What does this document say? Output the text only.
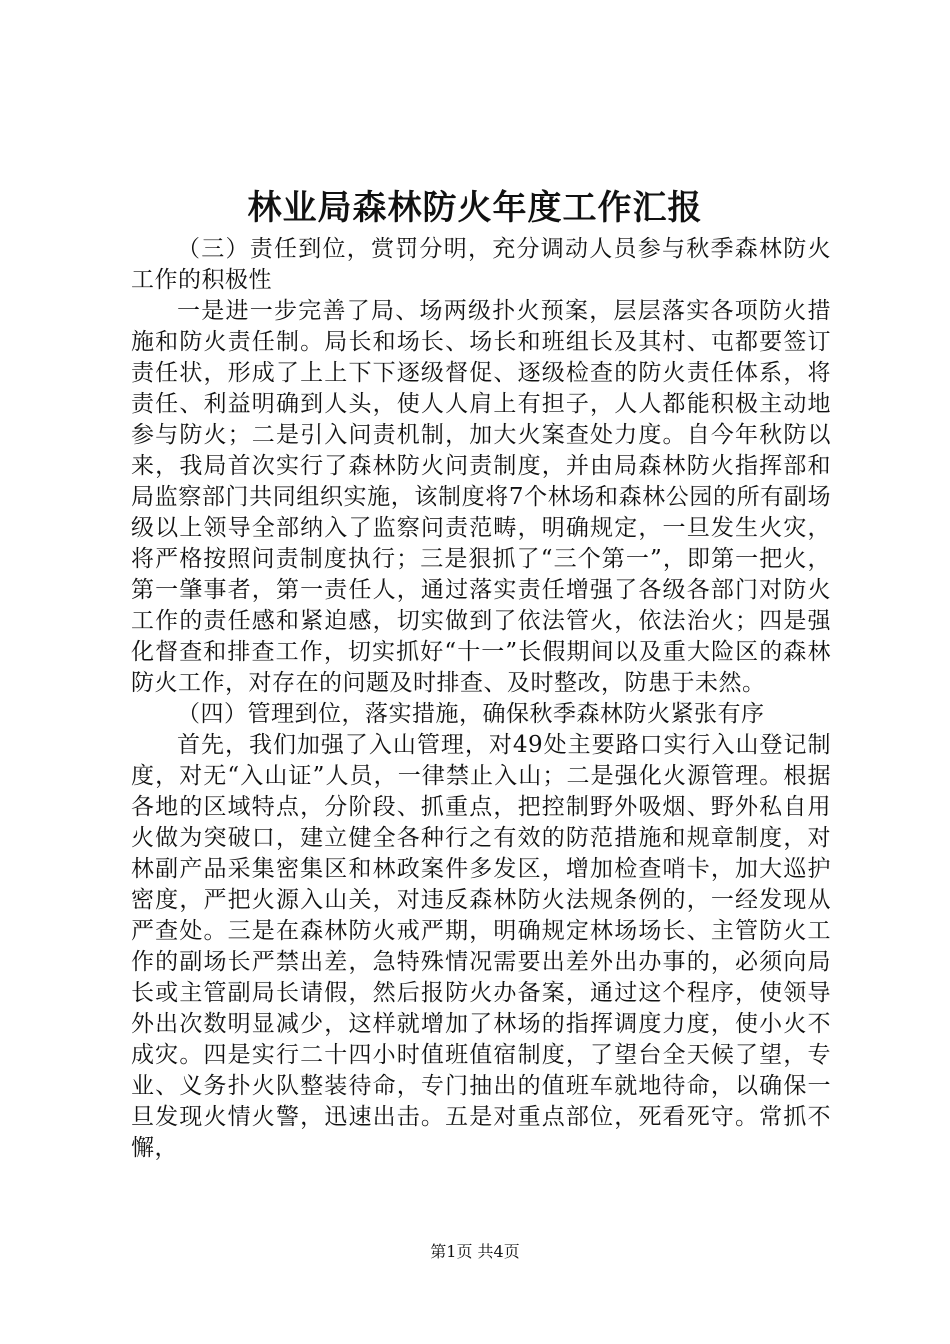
林业局森林防火年度工作汇报

（三）责任到位，赏罚分明，充分调动人员参与秋季森林防火工作的积极性

一是进一步完善了局、场两级扑火预案，层层落实各项防火措施和防火责任制。局长和场长、场长和班组长及其村、屯都要签订责任状，形成了上上下下逐级督促、逐级检查的防火责任体系，将责任、利益明确到人头，使人人肩上有担子，人人都能积极主动地参与防火；二是引入问责机制，加大火案查处力度。自今年秋防以来，我局首次实行了森林防火问责制度，并由局森林防火指挥部和局监察部门共同组织实施，该制度将7个林场和森林公园的所有副场级以上领导全部纳入了监察问责范畴，明确规定，一旦发生火灾，将严格按照问责制度执行；三是狠抓了“三个第一”，即第一把火，第一肇事者，第一责任人，通过落实责任增强了各级各部门对防火工作的责任感和紧迫感，切实做到了依法管火，依法治火；四是强化督查和排查工作，切实抓好“十一”长假期间以及重大险区的森林防火工作，对存在的问题及时排查、及时整改，防患于未然。

（四）管理到位，落实措施，确保秋季森林防火紧张有序

首先，我们加强了入山管理，对49处主要路口实行入山登记制度，对无“入山证”人员，一律禁止入山；二是强化火源管理。根据各地的区域特点，分阶段、抓重点，把控制野外吸烟、野外私自用火做为突破口，建立健全各种行之有效的防范措施和规章制度，对林副产品采集密集区和林政案件多发区，增加检查哨卡，加大巡护密度，严把火源入山关，对违反森林防火法规条例的，一经发现从严查处。三是在森林防火戒严期，明确规定林场场长、主管防火工作的副场长严禁出差，急特殊情况需要出差外出办事的，必须向局长或主管副局长请假，然后报防火办备案，通过这个程序，使领导外出次数明显减少，这样就增加了林场的指挥调度力度，使小火不成灾。四是实行二十四小时值班值宿制度，了望台全天候了望，专业、义务扑火队整装待命，专门抽出的值班车就地待命，以确保一旦发现火情火警，迅速出击。五是对重点部位，死看死守。常抓不懈，

第1页 共4页
